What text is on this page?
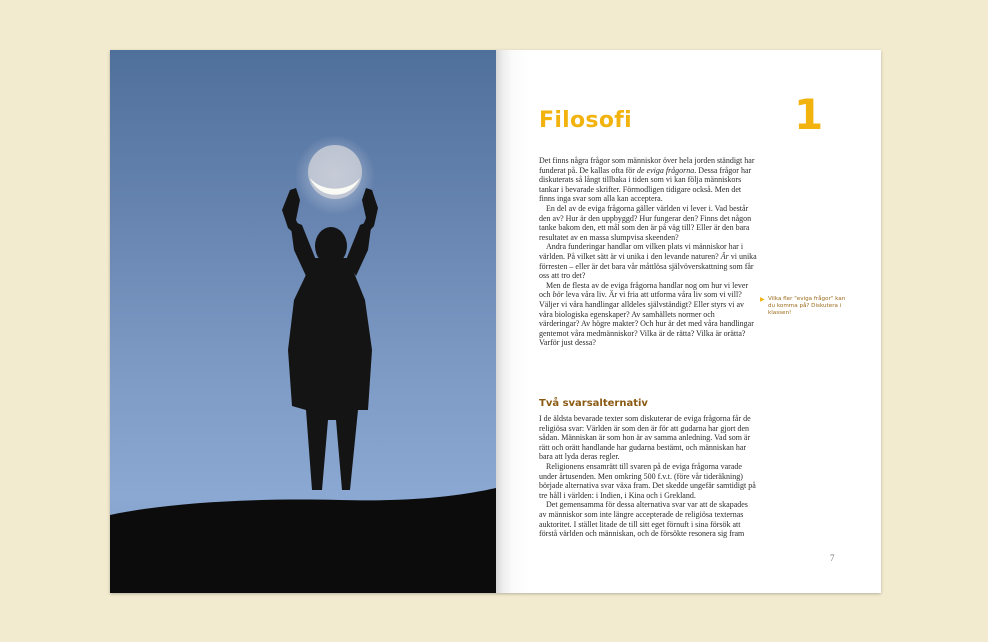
Filosofi	1

Det finns några frågor som människor över hela jorden ständigt har funderat på. De kallas ofta för de eviga frågorna. Dessa frågor har diskuterats så långt tillbaka i tiden som vi kan följa människors tankar i bevarade skrifter. Förmodligen tidigare också. Men det finns inga svar som alla kan acceptera.

En del av de eviga frågorna gäller världen vi lever i. Vad består den av? Hur är den uppbyggd? Hur fungerar den? Finns det någon tanke bakom den, ett mål som den är på väg till? Eller är den bara resultatet av en massa slumpvisa skeenden?

Andra funderingar handlar om vilken plats vi människor har i världen. På vilket sätt är vi unika i den levande naturen? Är vi unika förresten – eller är det bara vår måttlösa självöverskattning som får oss att tro det?

Men de flesta av de eviga frågorna handlar nog om hur vi lever och bör leva våra liv. Är vi fria att utforma våra liv som vi vill? Väljer vi våra handlingar alldeles självständigt? Eller styrs vi av våra biologiska egenskaper? Av samhällets normer och värderingar? Av högre makter? Och hur är det med våra handlingar gentemot våra medmänniskor? Vilka är de rätta? Vilka är orätta? Varför just dessa?

Två svarsalternativ

I de äldsta bevarade texter som diskuterar de eviga frågorna får de religiösa svar: Världen är som den är för att gudarna har gjort den sådan. Människan är som hon är av samma anledning. Vad som är rätt och orätt handlande har gudarna bestämt, och människan har bara att lyda deras regler.

Religionens ensamrätt till svaren på de eviga frågorna varade under årtusenden. Men omkring 500 f.v.t. (före vår tideräkning) började alternativa svar växa fram. Det skedde ungefär samtidigt på tre håll i världen: i Indien, i Kina och i Grekland.

Det gemensamma för dessa alternativa svar var att de skapades av människor som inte längre accepterade de religiösa texternas auktoritet. I stället litade de till sitt eget förnuft i sina försök att förstå världen och människan, och de försökte resonera sig fram

▶ Vilka fler "eviga frågor" kan du komma på? Diskutera i klassen!
7
